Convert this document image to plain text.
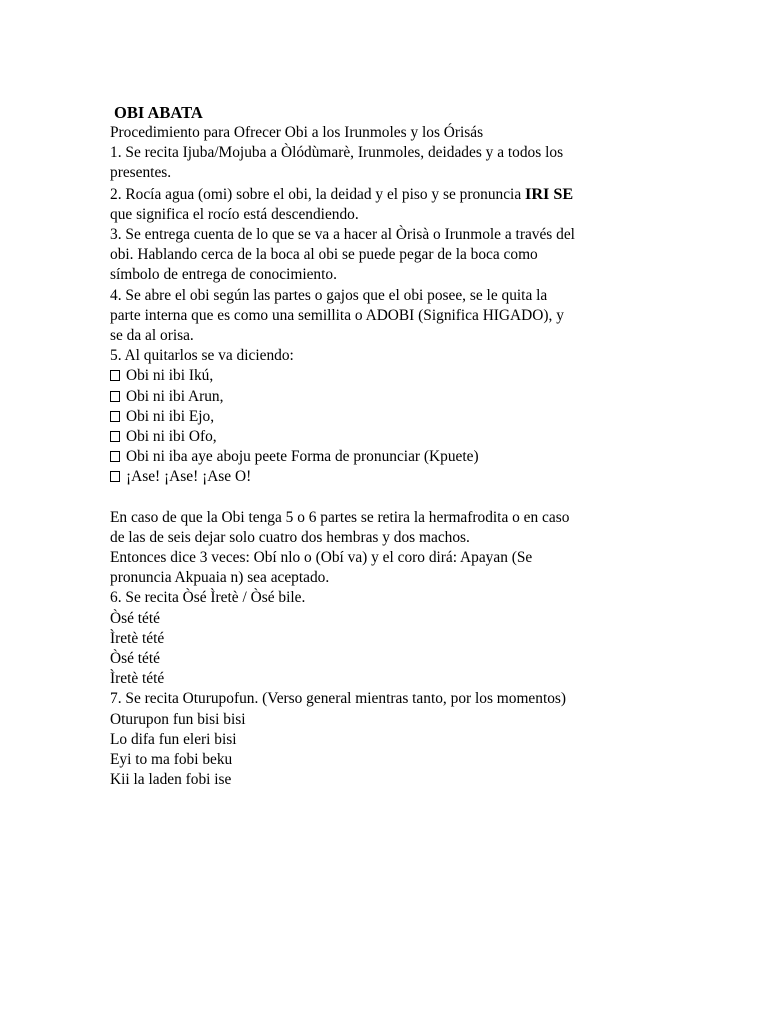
OBI ABATA

Procedimiento para Ofrecer Obi a los Irunmoles y los Órisás

1. Se recita Ijuba/Mojuba a Òlódùmarè, Irunmoles, deidades y a todos los

presentes.

2. Rocía agua (omi) sobre el obi, la deidad y el piso y se pronuncia IRI SE

que significa el rocío está descendiendo.

3. Se entrega cuenta de lo que se va a hacer al Òrisà o Irunmole a través del

obi. Hablando cerca de la boca al obi se puede pegar de la boca como

símbolo de entrega de conocimiento.

4. Se abre el obi según las partes o gajos que el obi posee, se le quita la

parte interna que es como una semillita o ADOBI (Significa HIGADO), y

se da al orisa.

5. Al quitarlos se va diciendo:

Obi ni ibi Ikú,

Obi ni ibi Arun,

Obi ni ibi Ejo,

Obi ni ibi Ofo,

Obi ni iba aye aboju peete Forma de pronunciar (Kpuete)

¡Ase! ¡Ase! ¡Ase O!

En caso de que la Obi tenga 5 o 6 partes se retira la hermafrodita o en caso

de las de seis dejar solo cuatro dos hembras y dos machos.

Entonces dice 3 veces: Obí nlo o (Obí va) y el coro dirá: Apayan (Se

pronuncia Akpuaia n) sea aceptado.

6. Se recita Òsé Ìretè / Òsé bile.

Òsé tété

Ìretè tété

Òsé tété

Ìretè tété

7. Se recita Oturupofun. (Verso general mientras tanto, por los momentos)

Oturupon fun bisi bisi

Lo difa fun eleri bisi

Eyi to ma fobi beku

Kii la laden fobi ise
